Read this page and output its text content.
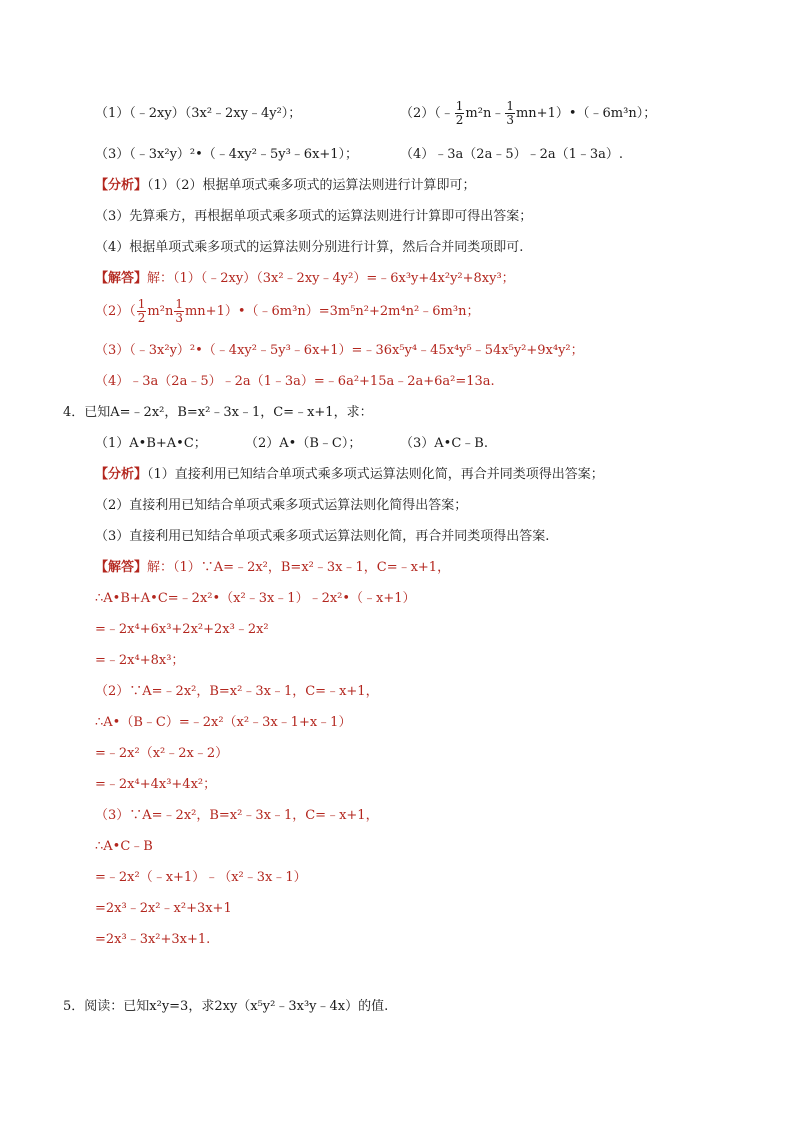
（1）（﹣2xy）（3x²﹣2xy﹣4y²）；	（2）（﹣ $\frac{1}{2}$ m²n﹣ $\frac{1}{3}$ mn+1）•（﹣6m³n）；
（3）（﹣3x²y）²•（﹣4xy²﹣5y³﹣6x+1）；	（4）﹣3a（2a﹣5）﹣2a（1﹣3a）.
【分析】（1）（2）根据单项式乘多项式的运算法则进行计算即可；
（3）先算乘方，再根据单项式乘多项式的运算法则进行计算即可得出答案；
（4）根据单项式乘多项式的运算法则分别进行计算，然后合并同类项即可.
【解答】解：（1）（﹣2xy）（3x²﹣2xy﹣4y²）=﹣6x³y+4x²y²+8xy³；
$(2)( \frac{1}{2} m^2n \frac{1}{3}$ mn+1）•（﹣6m³n）=3m⁵n²+2m⁴n²﹣6m³n；
（3）（﹣3x²y）²•（﹣4xy²﹣5y³﹣6x+1）=﹣36x⁵y⁴﹣45x⁴y⁵﹣54x⁵y²+9x⁴y²；
（4）﹣3a（2a﹣5）﹣2a（1﹣3a）=﹣6a²+15a﹣2a+6a²=13a.
4．已知A=﹣2x²，B=x²﹣3x﹣1，C=﹣x+1，求：
（1）A•B+A•C；	（2）A•（B﹣C）；	（3）A•C﹣B.
【分析】（1）直接利用已知结合单项式乘多项式运算法则化简，再合并同类项得出答案；
（2）直接利用已知结合单项式乘多项式运算法则化简得出答案；
（3）直接利用已知结合单项式乘多项式运算法则化简，再合并同类项得出答案.
【解答】解：（1）∵A=﹣2x²，B=x²﹣3x﹣1，C=﹣x+1，
∴A•B+A•C=﹣2x²•（x²﹣3x﹣1）﹣2x²•（﹣x+1）
=﹣2x⁴+6x³+2x²+2x³﹣2x²
=﹣2x⁴+8x³；
（2）∵A=﹣2x²，B=x²﹣3x﹣1，C=﹣x+1，
∴A•（B﹣C）=﹣2x²（x²﹣3x﹣1+x﹣1）
=﹣2x²（x²﹣2x﹣2）
=﹣2x⁴+4x³+4x²；
（3）∵A=﹣2x²，B=x²﹣3x﹣1，C=﹣x+1，
∴A•C﹣B
=﹣2x²（﹣x+1）﹣（x²﹣3x﹣1）
=2x³﹣2x²﹣x²+3x+1
=2x³﹣3x²+3x+1.
5．阅读：已知x²y=3，求2xy（x⁵y²﹣3x³y﹣4x）的值.
